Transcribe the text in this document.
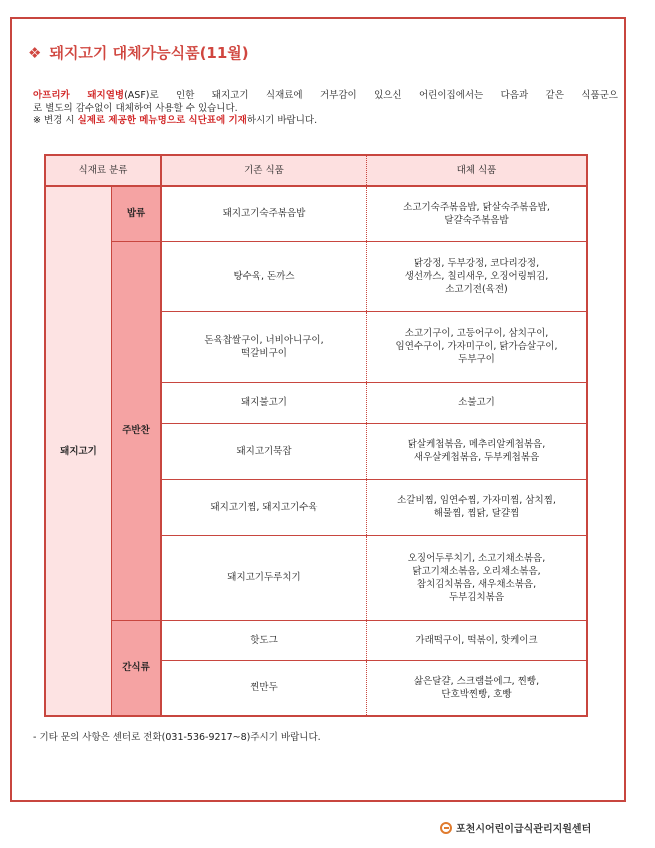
❖ 돼지고기 대체가능식품(11월)

아프리카 돼지열병(ASF)로 인한 돼지고기 식재료에 거부감이 있으신 어린이집에서는 다음과 같은 식품군으

로 별도의 감수없이 대체하여 사용할 수 있습니다.

※ 변경 시 실제로 제공한 메뉴명으로 식단표에 기재하시기 바랍니다.

식재료 분류		기존 식품	대체 식품
돼지고기	밥류	돼지고기숙주볶음밥	소고기숙주볶음밥, 닭살숙주볶음밥,
달걀숙주볶음밥
	주반찬	탕수육, 돈까스	닭강정, 두부강정, 코다리강정,
생선까스, 칠리새우, 오징어링튀김,
소고기전(육전)
		돈육찹쌀구이, 너비아니구이,
떡갈비구이	소고기구이, 고등어구이, 삼치구이,
임연수구이, 가자미구이, 닭가슴살구이,
두부구이
		돼지불고기	소불고기
		돼지고기묵잡	닭살케첩볶음, 메추리알케첩볶음,
새우살케첩볶음, 두부케첩볶음
		돼지고기찜, 돼지고기수육	소갈비찜, 임연수찜, 가자미찜, 삼치찜,
해물찜, 찜닭, 달걀찜
		돼지고기두루치기	오징어두루치기, 소고기채소볶음,
닭고기채소볶음, 오리채소볶음,
참치김치볶음, 새우채소볶음,
두부김치볶음
	간식류	핫도그	가래떡구이, 떡볶이, 핫케이크
		찐만두	삶은달걀, 스크램블에그, 찐빵,
단호박찐빵, 호빵
- 기타 문의 사항은 센터로 전화(031-536-9217~8)주시기 바랍니다.
포천시어린이급식관리지원센터
